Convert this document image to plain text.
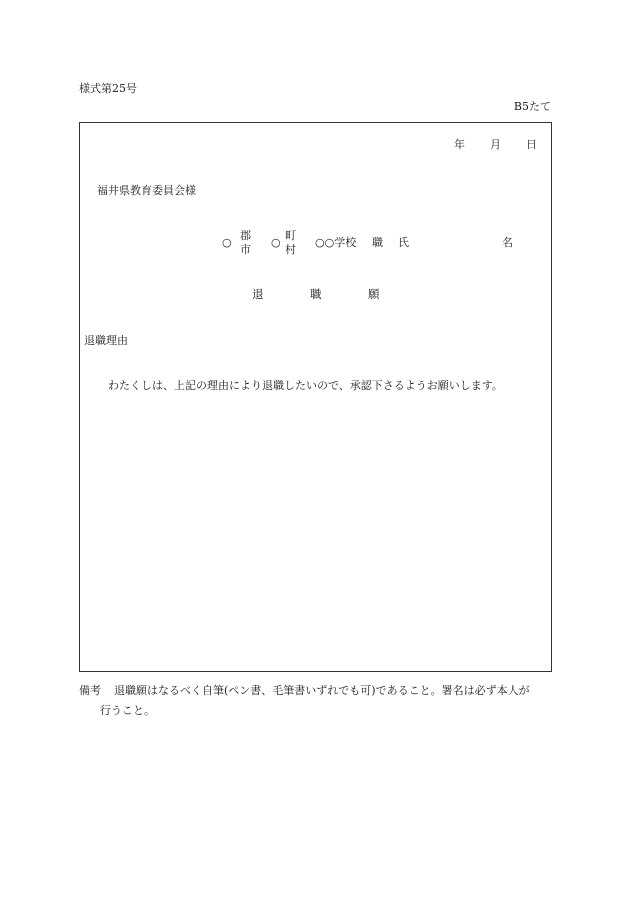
様式第25号
B5たて
年 月 日
福井県教育委員会様
○
郡
市
○
町
村
○○学校 職 氏	名
退	職	願
退職理由
わたくしは、上記の理由により退職したいので、承認下さるようお願いします。
備考 退職願はなるべく自筆(ペン書、毛筆書いずれでも可)であること。署名は必ず本人が
行うこと。
